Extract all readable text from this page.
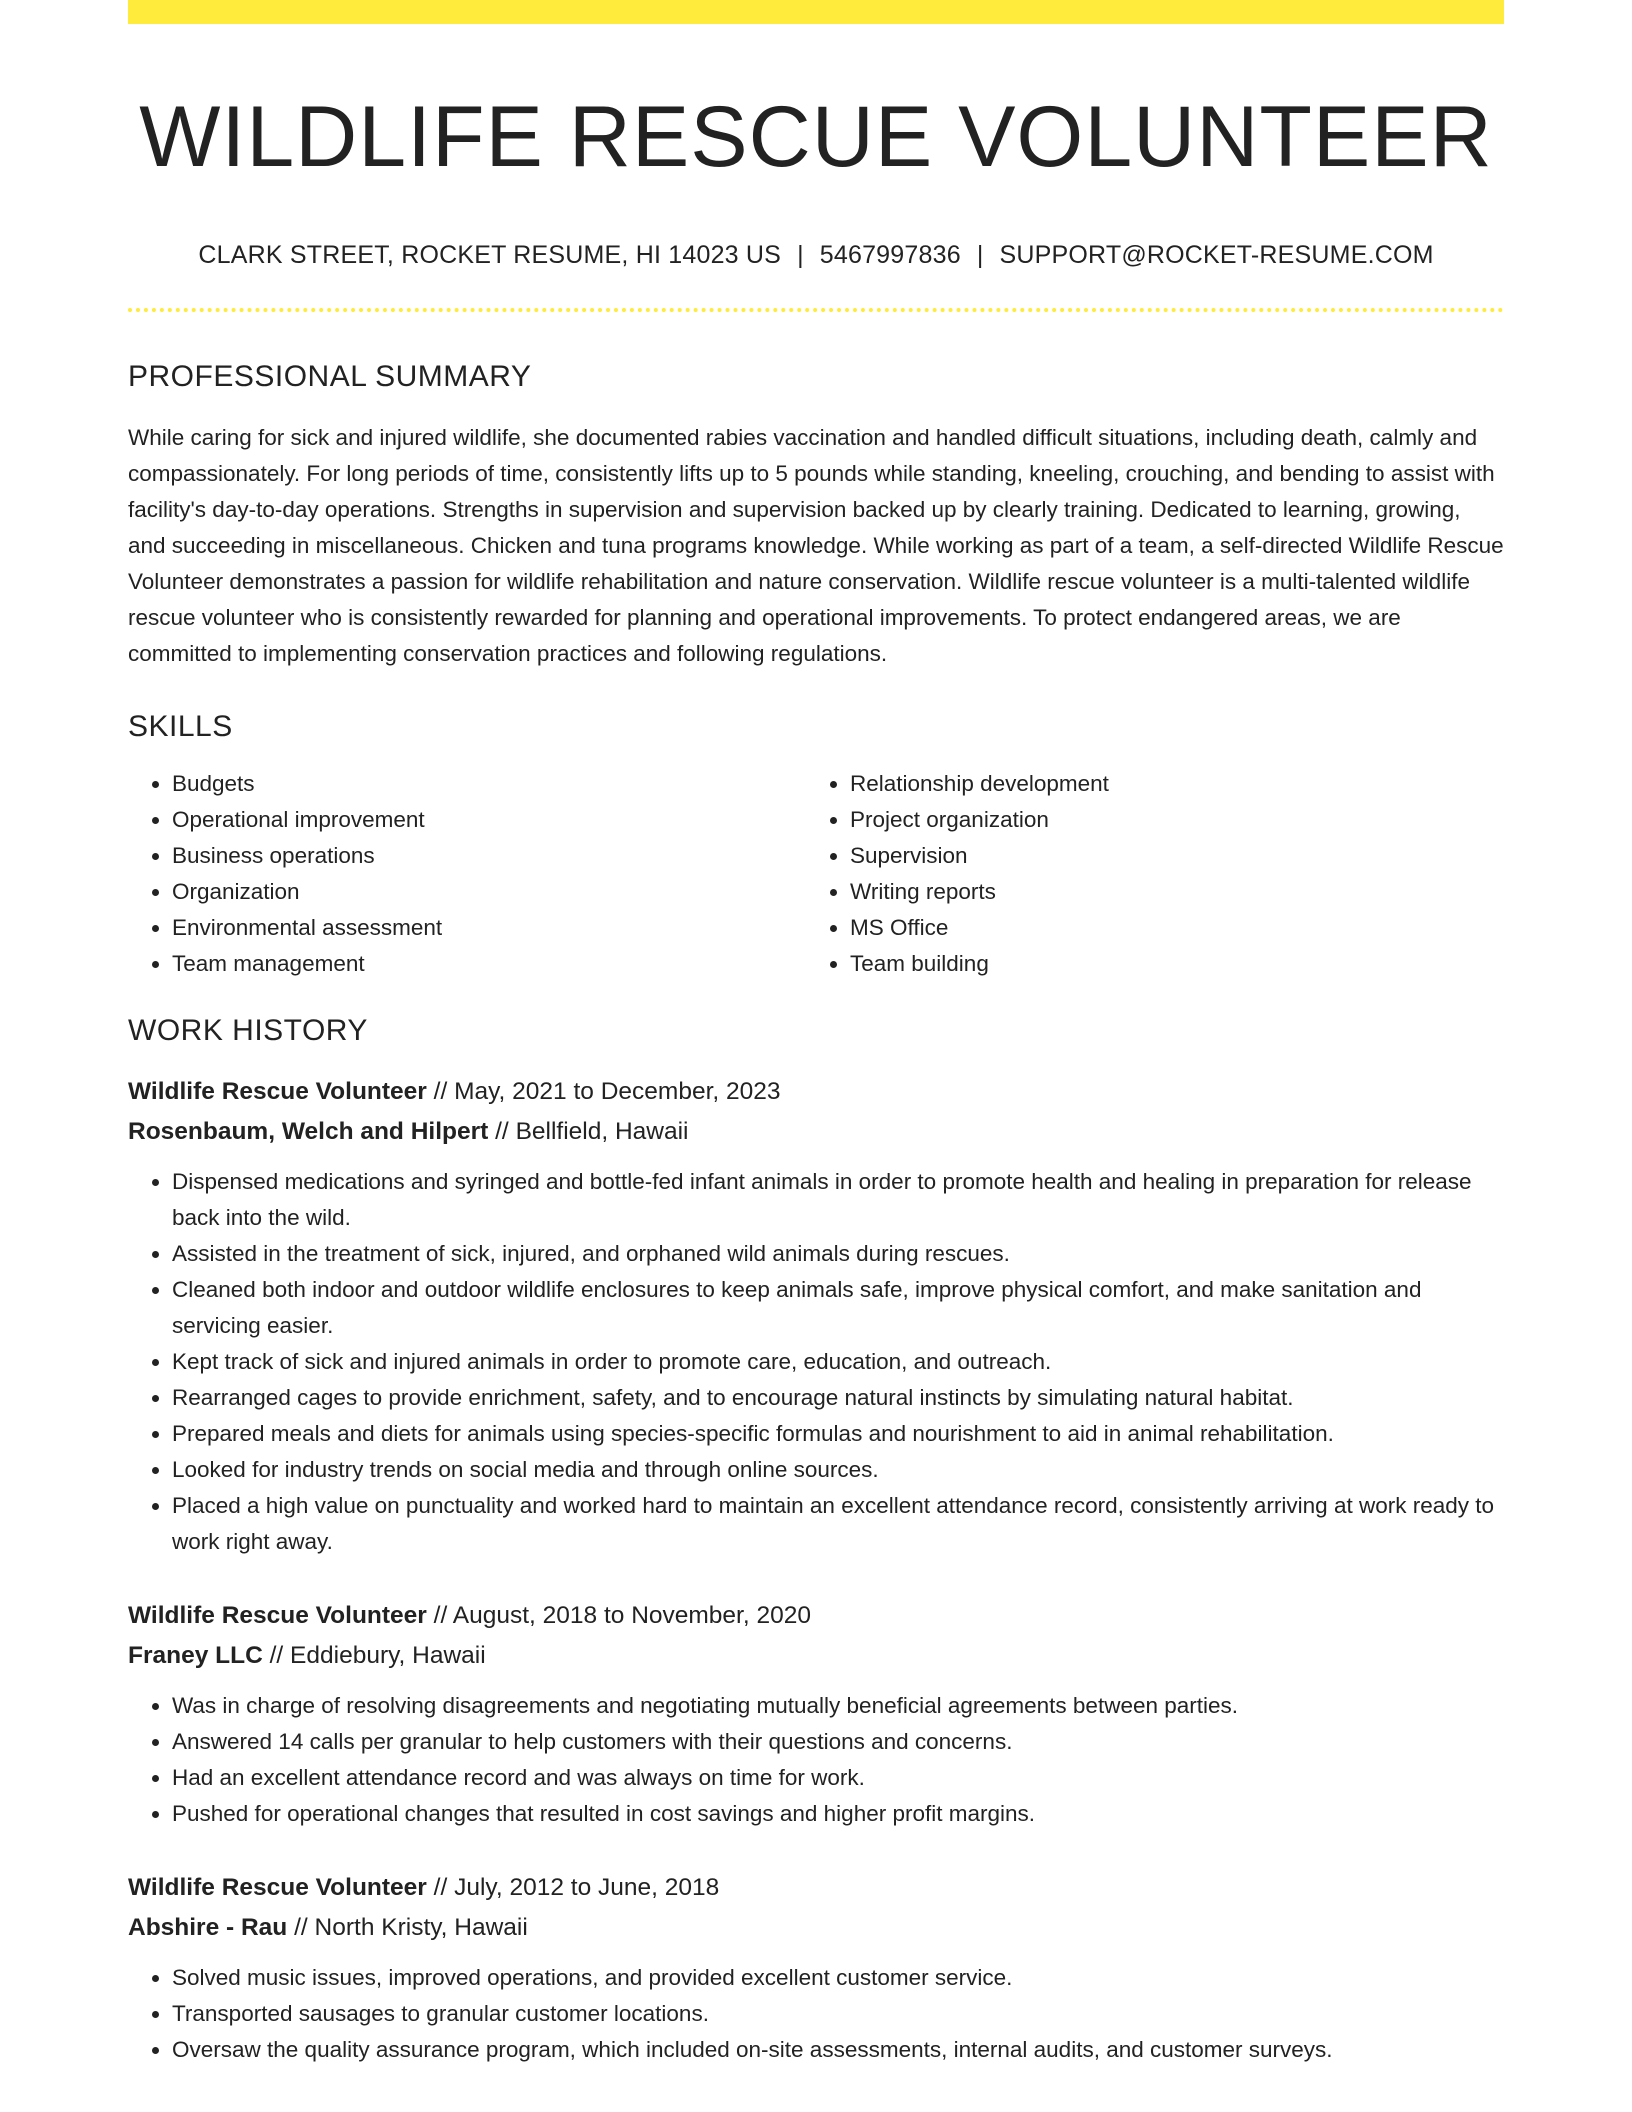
WILDLIFE RESCUE VOLUNTEER
CLARK STREET, ROCKET RESUME, HI 14023 US | 5467997836 | SUPPORT@ROCKET-RESUME.COM
PROFESSIONAL SUMMARY
While caring for sick and injured wildlife, she documented rabies vaccination and handled difficult situations, including death, calmly and compassionately. For long periods of time, consistently lifts up to 5 pounds while standing, kneeling, crouching, and bending to assist with facility's day-to-day operations. Strengths in supervision and supervision backed up by clearly training. Dedicated to learning, growing, and succeeding in miscellaneous. Chicken and tuna programs knowledge. While working as part of a team, a self-directed Wildlife Rescue Volunteer demonstrates a passion for wildlife rehabilitation and nature conservation. Wildlife rescue volunteer is a multi-talented wildlife rescue volunteer who is consistently rewarded for planning and operational improvements. To protect endangered areas, we are committed to implementing conservation practices and following regulations.
SKILLS
• Budgets
• Operational improvement
• Business operations
• Organization
• Environmental assessment
• Team management
• Relationship development
• Project organization
• Supervision
• Writing reports
• MS Office
• Team building
WORK HISTORY
Wildlife Rescue Volunteer // May, 2021 to December, 2023
Rosenbaum, Welch and Hilpert // Bellfield, Hawaii
• Dispensed medications and syringed and bottle-fed infant animals in order to promote health and healing in preparation for release back into the wild.
• Assisted in the treatment of sick, injured, and orphaned wild animals during rescues.
• Cleaned both indoor and outdoor wildlife enclosures to keep animals safe, improve physical comfort, and make sanitation and servicing easier.
• Kept track of sick and injured animals in order to promote care, education, and outreach.
• Rearranged cages to provide enrichment, safety, and to encourage natural instincts by simulating natural habitat.
• Prepared meals and diets for animals using species-specific formulas and nourishment to aid in animal rehabilitation.
• Looked for industry trends on social media and through online sources.
• Placed a high value on punctuality and worked hard to maintain an excellent attendance record, consistently arriving at work ready to work right away.
Wildlife Rescue Volunteer // August, 2018 to November, 2020
Franey LLC // Eddiebury, Hawaii
• Was in charge of resolving disagreements and negotiating mutually beneficial agreements between parties.
• Answered 14 calls per granular to help customers with their questions and concerns.
• Had an excellent attendance record and was always on time for work.
• Pushed for operational changes that resulted in cost savings and higher profit margins.
Wildlife Rescue Volunteer // July, 2012 to June, 2018
Abshire - Rau // North Kristy, Hawaii
• Solved music issues, improved operations, and provided excellent customer service.
• Transported sausages to granular customer locations.
• Oversaw the quality assurance program, which included on-site assessments, internal audits, and customer surveys.
